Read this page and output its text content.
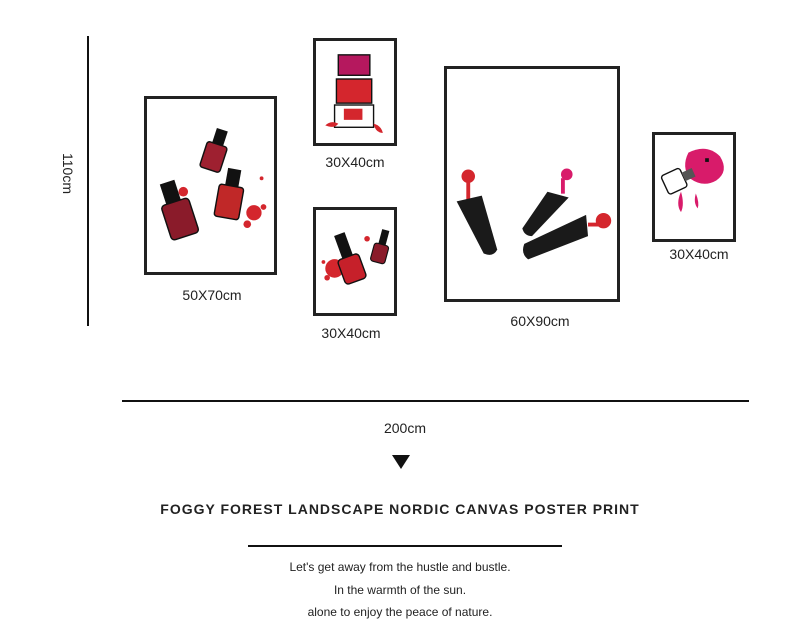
110cm
50X70cm
30X40cm
30X40cm
60X90cm
30X40cm
200cm
FOGGY FOREST LANDSCAPE NORDIC CANVAS POSTER PRINT
Let's get away from the hustle and bustle.
In the warmth of the sun.
alone to enjoy the peace of nature.
